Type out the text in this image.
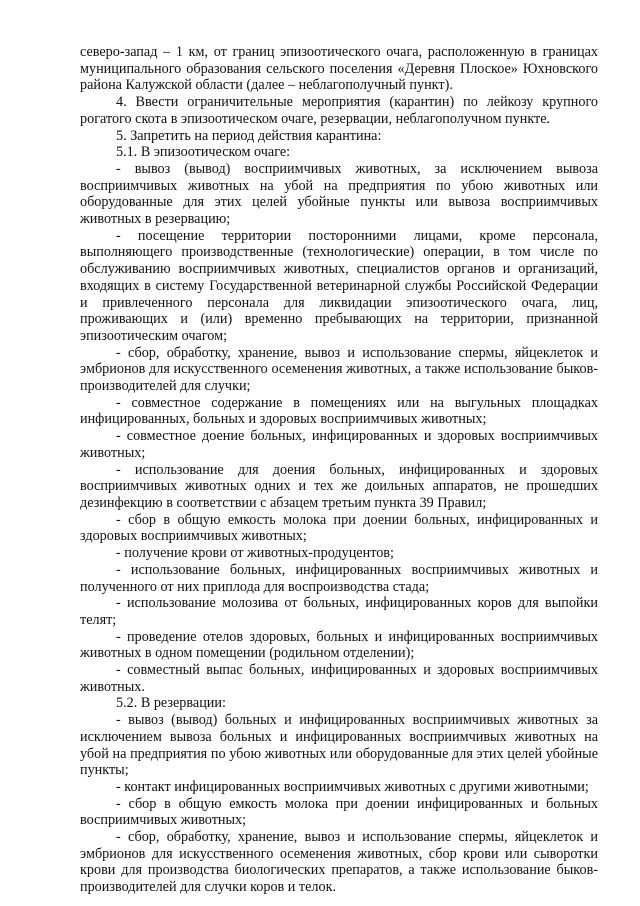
северо-запад – 1 км, от границ эпизоотического очага, расположенную в границах муниципального образования сельского поселения «Деревня Плоское» Юхновского района Калужской области (далее – неблагополучный пункт).

4. Ввести ограничительные мероприятия (карантин) по лейкозу крупного рогатого скота в эпизоотическом очаге, резервации, неблагополучном пункте.

5. Запретить на период действия карантина:

5.1. В эпизоотическом очаге:

- вывоз (вывод) восприимчивых животных, за исключением вывоза восприимчивых животных на убой на предприятия по убою животных или оборудованные для этих целей убойные пункты или вывоза восприимчивых животных в резервацию;

- посещение территории посторонними лицами, кроме персонала, выполняющего производственные (технологические) операции, в том числе по обслуживанию восприимчивых животных, специалистов органов и организаций, входящих в систему Государственной ветеринарной службы Российской Федерации и привлеченного персонала для ликвидации эпизоотического очага, лиц, проживающих и (или) временно пребывающих на территории, признанной эпизоотическим очагом;

- сбор, обработку, хранение, вывоз и использование спермы, яйцеклеток и эмбрионов для искусственного осеменения животных, а также использование быков-производителей для случки;

- совместное содержание в помещениях или на выгульных площадках инфицированных, больных и здоровых восприимчивых животных;

- совместное доение больных, инфицированных и здоровых восприимчивых животных;

- использование для доения больных, инфицированных и здоровых восприимчивых животных одних и тех же доильных аппаратов, не прошедших дезинфекцию в соответствии с абзацем третьим пункта 39 Правил;

- сбор в общую емкость молока при доении больных, инфицированных и здоровых восприимчивых животных;

- получение крови от животных-продуцентов;

- использование больных, инфицированных восприимчивых животных и полученного от них приплода для воспроизводства стада;

- использование молозива от больных, инфицированных коров для выпойки телят;

- проведение отелов здоровых, больных и инфицированных восприимчивых животных в одном помещении (родильном отделении);

- совместный выпас больных, инфицированных и здоровых восприимчивых животных.

5.2. В резервации:

- вывоз (вывод) больных и инфицированных восприимчивых животных за исключением вывоза больных и инфицированных восприимчивых животных на убой на предприятия по убою животных или оборудованные для этих целей убойные пункты;

- контакт инфицированных восприимчивых животных с другими животными;

- сбор в общую емкость молока при доении инфицированных и больных восприимчивых животных;

- сбор, обработку, хранение, вывоз и использование спермы, яйцеклеток и эмбрионов для искусственного осеменения животных, сбор крови или сыворотки крови для производства биологических препаратов, а также использование быков-производителей для случки коров и телок.
